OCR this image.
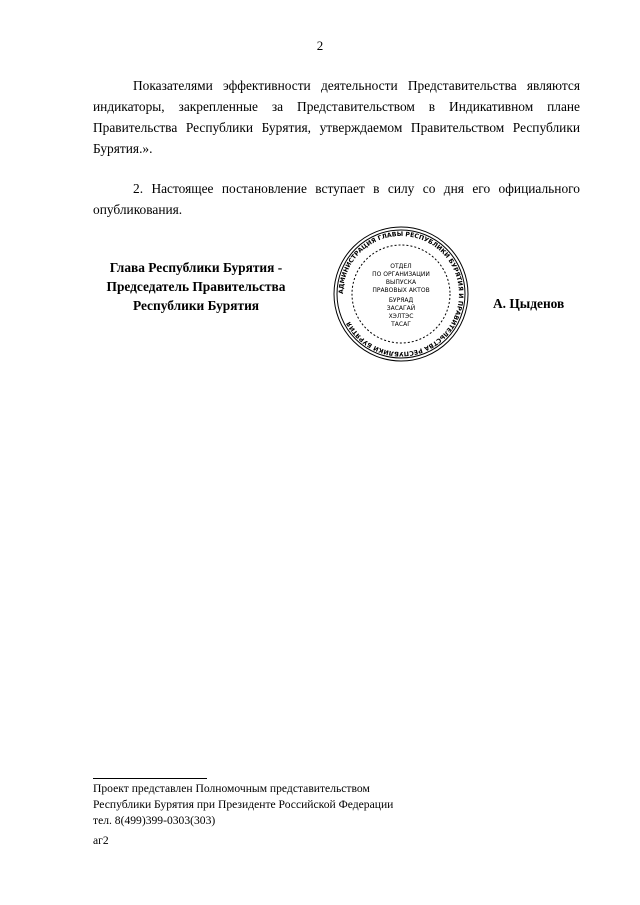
2

Показателями эффективности деятельности Представительства являются индикаторы, закрепленные за Представительством в Индикативном плане Правительства Республики Бурятия, утверждаемом Правительством Республики Бурятия.».

2. Настоящее постановление вступает в силу со дня его официального опубликования.

Глава Республики Бурятия -
Председатель Правительства
Республики Бурятия
АДМИНИСТРАЦИЯ ГЛАВЫ РЕСПУБЛИКИ БУРЯТИЯ И ПРАВИТЕЛЬСТВА РЕСПУБЛИКИ БУРЯТИЯ
ОТДЕЛ
ПО ОРГАНИЗАЦИИ
ВЫПУСКА
ПРАВОВЫХ АКТОВ
БУРЯАД
ЗАСАГАЙ
ХЭЛТЭС
ТАСАГ
А. Цыденов
Проект представлен Полномочным представительством
Республики Бурятия при Президенте Российской Федерации
тел. 8(499)399-0303(303)
аг2
